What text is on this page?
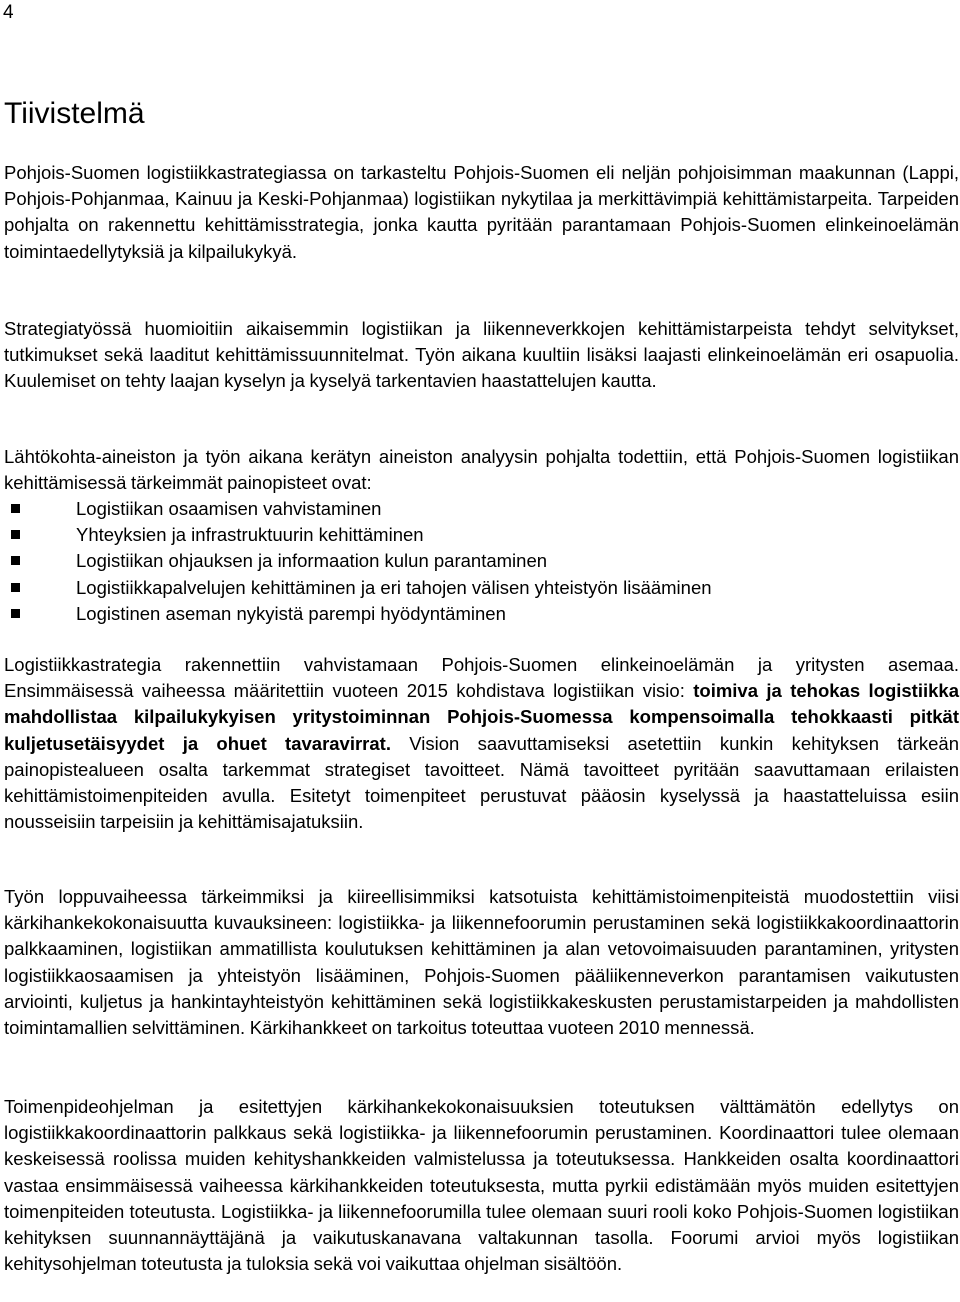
4
Tiivistelmä

Pohjois-Suomen logistiikkastrategiassa on tarkasteltu Pohjois-Suomen eli neljän pohjoisimman maakunnan (Lappi, Pohjois-Pohjanmaa, Kainuu ja Keski-Pohjanmaa) logistiikan nykytilaa ja merkittävimpiä kehittämistarpeita. Tarpeiden pohjalta on rakennettu kehittämisstrategia, jonka kautta pyritään parantamaan Pohjois-Suomen elinkeinoelämän toimintaedellytyksiä ja kilpailukykyä.

Strategiatyössä huomioitiin aikaisemmin logistiikan ja liikenneverkkojen kehittämistarpeista tehdyt selvitykset, tutkimukset sekä laaditut kehittämissuunnitelmat. Työn aikana kuultiin lisäksi laajasti elinkeinoelämän eri osapuolia. Kuulemiset on tehty laajan kyselyn ja kyselyä tarkentavien haastattelujen kautta.

Lähtökohta-aineiston ja työn aikana kerätyn aineiston analyysin pohjalta todettiin, että Pohjois-Suomen logistiikan kehittämisessä tärkeimmät painopisteet ovat:

Logistiikan osaamisen vahvistaminen
Yhteyksien ja infrastruktuurin kehittäminen
Logistiikan ohjauksen ja informaation kulun parantaminen
Logistiikkapalvelujen kehittäminen ja eri tahojen välisen yhteistyön lisääminen
Logistinen aseman nykyistä parempi hyödyntäminen

Logistiikkastrategia rakennettiin vahvistamaan Pohjois-Suomen elinkeinoelämän ja yritysten asemaa. Ensimmäisessä vaiheessa määritettiin vuoteen 2015 kohdistava logistiikan visio: toimiva ja tehokas logistiikka mahdollistaa kilpailukykyisen yritystoiminnan Pohjois-Suomessa kompensoimalla tehokkaasti pitkät kuljetusetäisyydet ja ohuet tavaravirrat. Vision saavuttamiseksi asetettiin kunkin kehityksen tärkeän painopistealueen osalta tarkemmat strategiset tavoitteet. Nämä tavoitteet pyritään saavuttamaan erilaisten kehittämistoimenpiteiden avulla. Esitetyt toimenpiteet perustuvat pääosin kyselyssä ja haastatteluissa esiin nousseisiin tarpeisiin ja kehittämisajatuksiin.

Työn loppuvaiheessa tärkeimmiksi ja kiireellisimmiksi katsotuista kehittämistoimenpiteistä muodostettiin viisi kärkihankekokonaisuutta kuvauksineen: logistiikka- ja liikennefoorumin perustaminen sekä logistiikkakoordinaattorin palkkaaminen, logistiikan ammatillista koulutuksen kehittäminen ja alan vetovoimaisuuden parantaminen, yritysten logistiikkaosaamisen ja yhteistyön lisääminen, Pohjois-Suomen pääliikenneverkon parantamisen vaikutusten arviointi, kuljetus ja hankintayhteistyön kehittäminen sekä logistiikkakeskusten perustamistarpeiden ja mahdollisten toimintamallien selvittäminen. Kärkihankkeet on tarkoitus toteuttaa vuoteen 2010 mennessä.

Toimenpideohjelman ja esitettyjen kärkihankekokonaisuuksien toteutuksen välttämätön edellytys on logistiikkakoordinaattorin palkkaus sekä logistiikka- ja liikennefoorumin perustaminen. Koordinaattori tulee olemaan keskeisessä roolissa muiden kehityshankkeiden valmistelussa ja toteutuksessa. Hankkeiden osalta koordinaattori vastaa ensimmäisessä vaiheessa kärkihankkeiden toteutuksesta, mutta pyrkii edistämään myös muiden esitettyjen toimenpiteiden toteutusta. Logistiikka- ja liikennefoorumilla tulee olemaan suuri rooli koko Pohjois-Suomen logistiikan kehityksen suunnannäyttäjänä ja vaikutuskanavana valtakunnan tasolla. Foorumi arvioi myös logistiikan kehitysohjelman toteutusta ja tuloksia sekä voi vaikuttaa ohjelman sisältöön.
